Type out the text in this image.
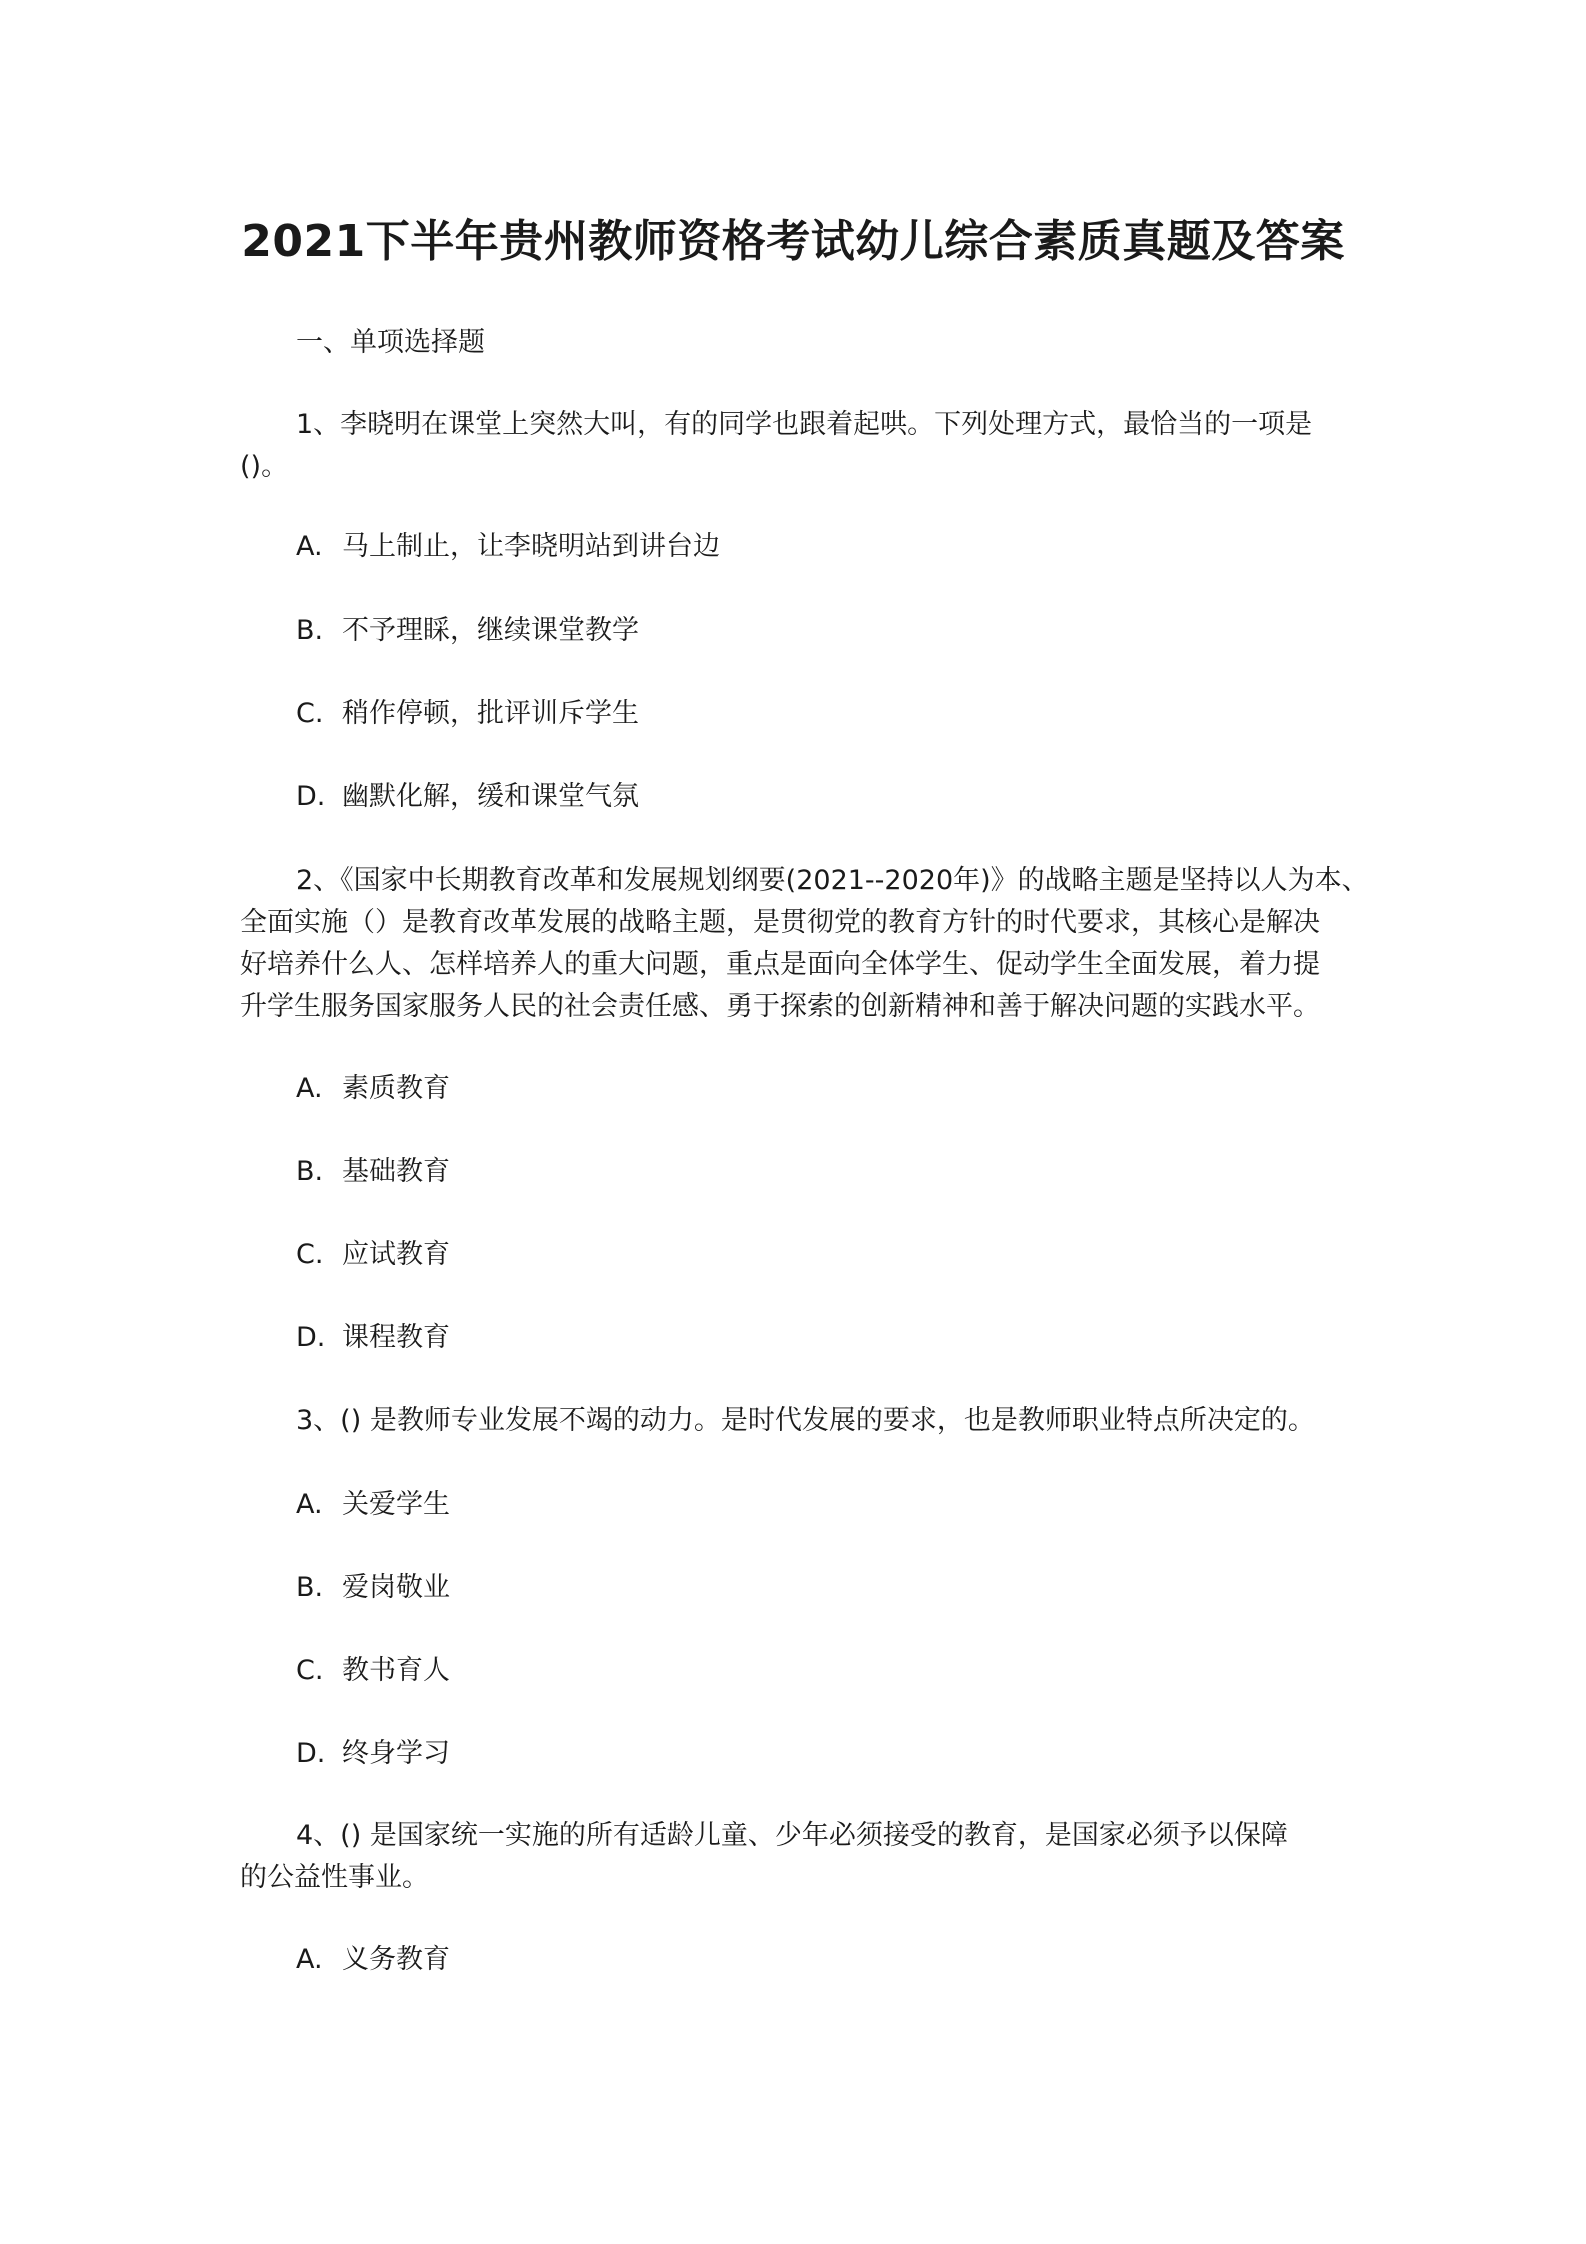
2021下半年贵州教师资格考试幼儿综合素质真题及答案
一、单项选择题
1、李晓明在课堂上突然大叫，有的同学也跟着起哄。下列处理方式，最恰当的一项是
()。
A. 马上制止，让李晓明站到讲台边
B. 不予理睬，继续课堂教学
C. 稍作停顿，批评训斥学生
D. 幽默化解，缓和课堂气氛
2、《国家中长期教育改革和发展规划纲要(2021--2020年)》的战略主题是坚持以人为本、
全面实施（）是教育改革发展的战略主题，是贯彻党的教育方针的时代要求，其核心是解决
好培养什么人、怎样培养人的重大问题，重点是面向全体学生、促动学生全面发展，着力提
升学生服务国家服务人民的社会责任感、勇于探索的创新精神和善于解决问题的实践水平。
A. 素质教育
B. 基础教育
C. 应试教育
D. 课程教育
3、() 是教师专业发展不竭的动力。是时代发展的要求，也是教师职业特点所决定的。
A. 关爱学生
B. 爱岗敬业
C. 教书育人
D. 终身学习
4、() 是国家统一实施的所有适龄儿童、少年必须接受的教育，是国家必须予以保障
的公益性事业。
A. 义务教育
